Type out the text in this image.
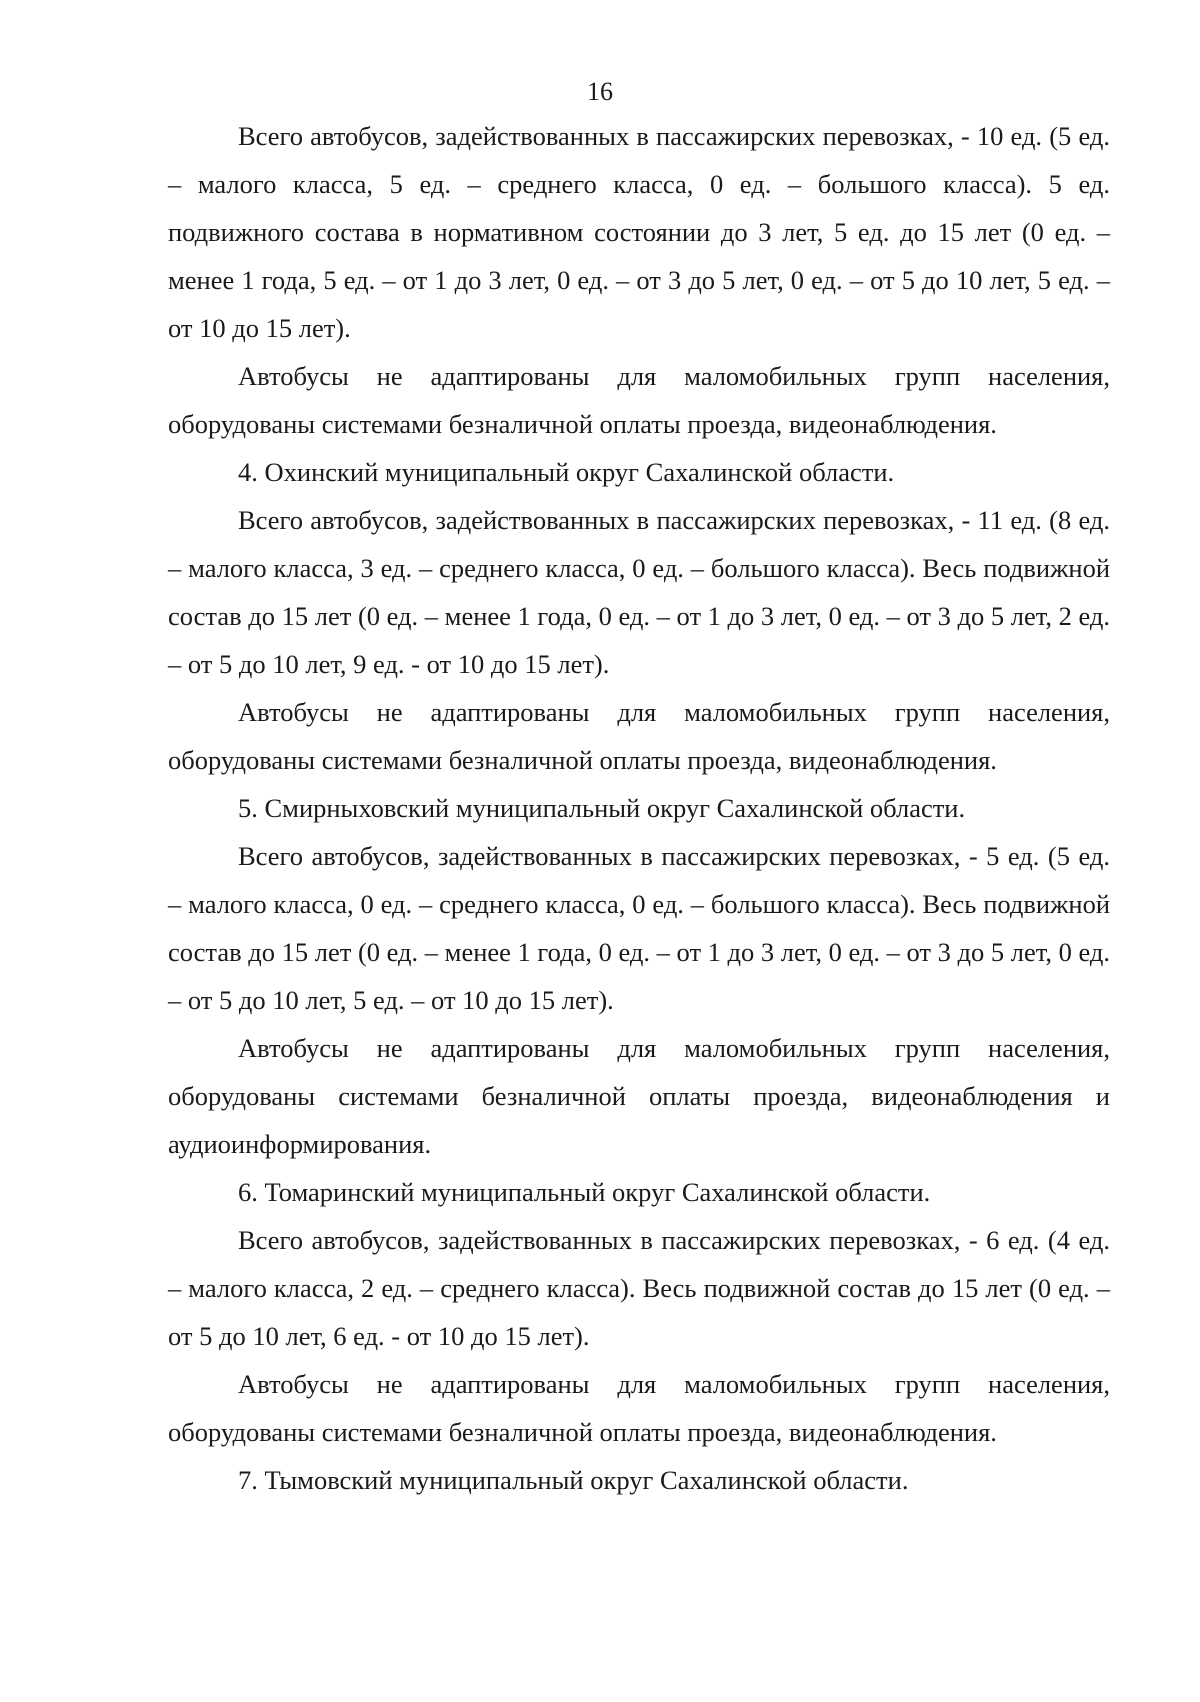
16

Всего автобусов, задействованных в пассажирских перевозках, - 10 ед. (5 ед. – малого класса, 5 ед. – среднего класса, 0 ед. – большого класса). 5 ед. подвижного состава в нормативном состоянии до 3 лет, 5 ед. до 15 лет (0 ед. – менее 1 года, 5 ед. – от 1 до 3 лет, 0 ед. – от 3 до 5 лет, 0 ед. – от 5 до 10 лет, 5 ед. – от 10 до 15 лет).

Автобусы не адаптированы для маломобильных групп населения, оборудованы системами безналичной оплаты проезда, видеонаблюдения.

4. Охинский муниципальный округ Сахалинской области.

Всего автобусов, задействованных в пассажирских перевозках, - 11 ед. (8 ед. – малого класса, 3 ед. – среднего класса, 0 ед. – большого класса). Весь подвижной состав до 15 лет (0 ед. – менее 1 года, 0 ед. – от 1 до 3 лет, 0 ед. – от 3 до 5 лет, 2 ед. – от 5 до 10 лет, 9 ед. - от 10 до 15 лет).

Автобусы не адаптированы для маломобильных групп населения, оборудованы системами безналичной оплаты проезда, видеонаблюдения.

5. Смирныховский муниципальный округ Сахалинской области.

Всего автобусов, задействованных в пассажирских перевозках, - 5 ед. (5 ед. – малого класса, 0 ед. – среднего класса, 0 ед. – большого класса). Весь подвижной состав до 15 лет (0 ед. – менее 1 года, 0 ед. – от 1 до 3 лет, 0 ед. – от 3 до 5 лет, 0 ед. – от 5 до 10 лет, 5 ед. – от 10 до 15 лет).

Автобусы не адаптированы для маломобильных групп населения, оборудованы системами безналичной оплаты проезда, видеонаблюдения и аудиоинформирования.

6. Томаринский муниципальный округ Сахалинской области.

Всего автобусов, задействованных в пассажирских перевозках, - 6 ед. (4 ед. – малого класса, 2 ед. – среднего класса). Весь подвижной состав до 15 лет (0 ед. – от 5 до 10 лет, 6 ед. - от 10 до 15 лет).

Автобусы не адаптированы для маломобильных групп населения, оборудованы системами безналичной оплаты проезда, видеонаблюдения.

7. Тымовский муниципальный округ Сахалинской области.
